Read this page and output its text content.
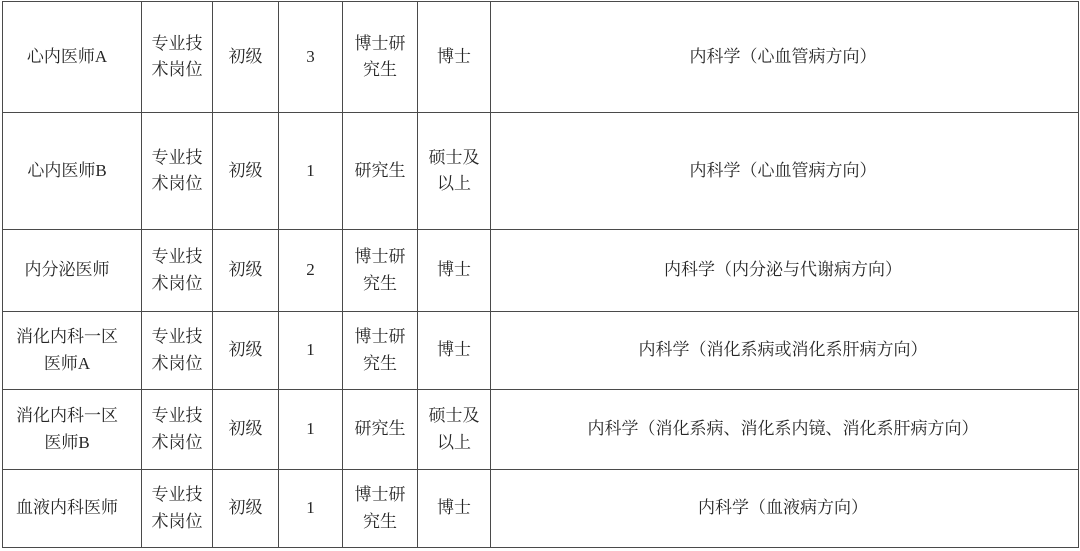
心内医师A	专业技术岗位	初级	3	博士研究生	博士	内科学（心血管病方向）
心内医师B	专业技术岗位	初级	1	研究生	硕士及以上	内科学（心血管病方向）
内分泌医师	专业技术岗位	初级	2	博士研究生	博士	内科学（内分泌与代谢病方向）
消化内科一区医师A	专业技术岗位	初级	1	博士研究生	博士	内科学（消化系病或消化系肝病方向）
消化内科一区医师B	专业技术岗位	初级	1	研究生	硕士及以上	内科学（消化系病、消化系内镜、消化系肝病方向）
血液内科医师	专业技术岗位	初级	1	博士研究生	博士	内科学（血液病方向）
